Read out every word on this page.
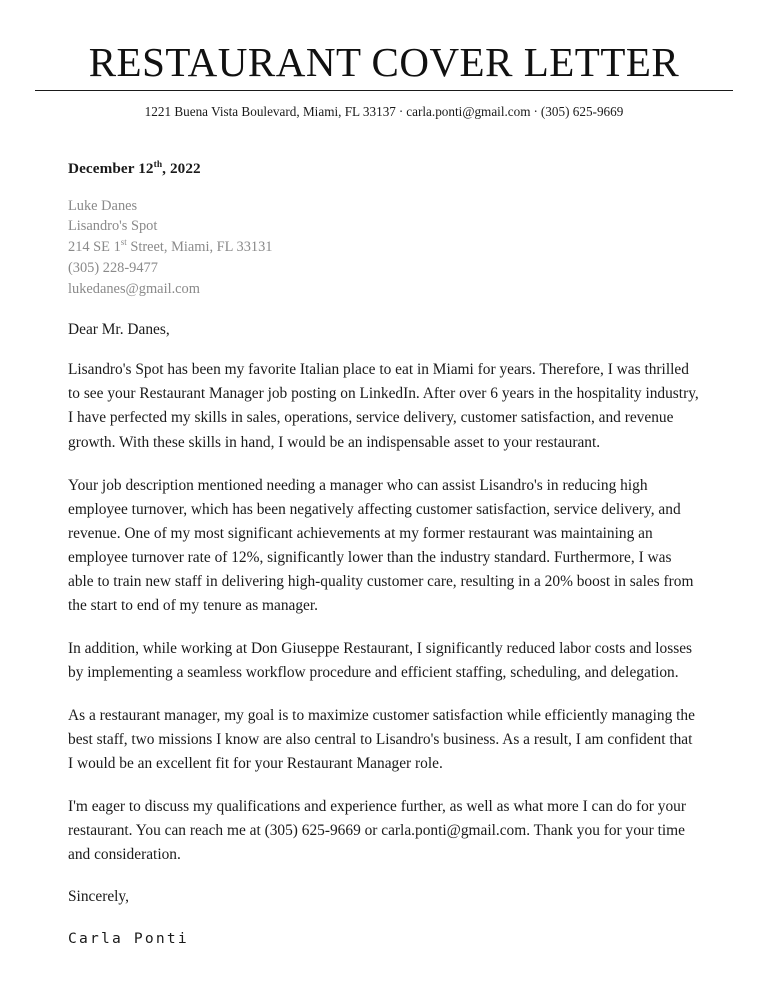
RESTAURANT COVER LETTER
1221 Buena Vista Boulevard, Miami, FL 33137 · carla.ponti@gmail.com · (305) 625-9669
December 12th, 2022
Luke Danes
Lisandro's Spot
214 SE 1st Street, Miami, FL 33131
(305) 228-9477
lukedanes@gmail.com
Dear Mr. Danes,

Lisandro's Spot has been my favorite Italian place to eat in Miami for years. Therefore, I was thrilled to see your Restaurant Manager job posting on LinkedIn. After over 6 years in the hospitality industry, I have perfected my skills in sales, operations, service delivery, customer satisfaction, and revenue growth. With these skills in hand, I would be an indispensable asset to your restaurant.

Your job description mentioned needing a manager who can assist Lisandro's in reducing high employee turnover, which has been negatively affecting customer satisfaction, service delivery, and revenue. One of my most significant achievements at my former restaurant was maintaining an employee turnover rate of 12%, significantly lower than the industry standard. Furthermore, I was able to train new staff in delivering high-quality customer care, resulting in a 20% boost in sales from the start to end of my tenure as manager.

In addition, while working at Don Giuseppe Restaurant, I significantly reduced labor costs and losses by implementing a seamless workflow procedure and efficient staffing, scheduling, and delegation.

As a restaurant manager, my goal is to maximize customer satisfaction while efficiently managing the best staff, two missions I know are also central to Lisandro's business. As a result, I am confident that I would be an excellent fit for your Restaurant Manager role.

I'm eager to discuss my qualifications and experience further, as well as what more I can do for your restaurant. You can reach me at (305) 625-9669 or carla.ponti@gmail.com. Thank you for your time and consideration.

Sincerely,
Carla Ponti
